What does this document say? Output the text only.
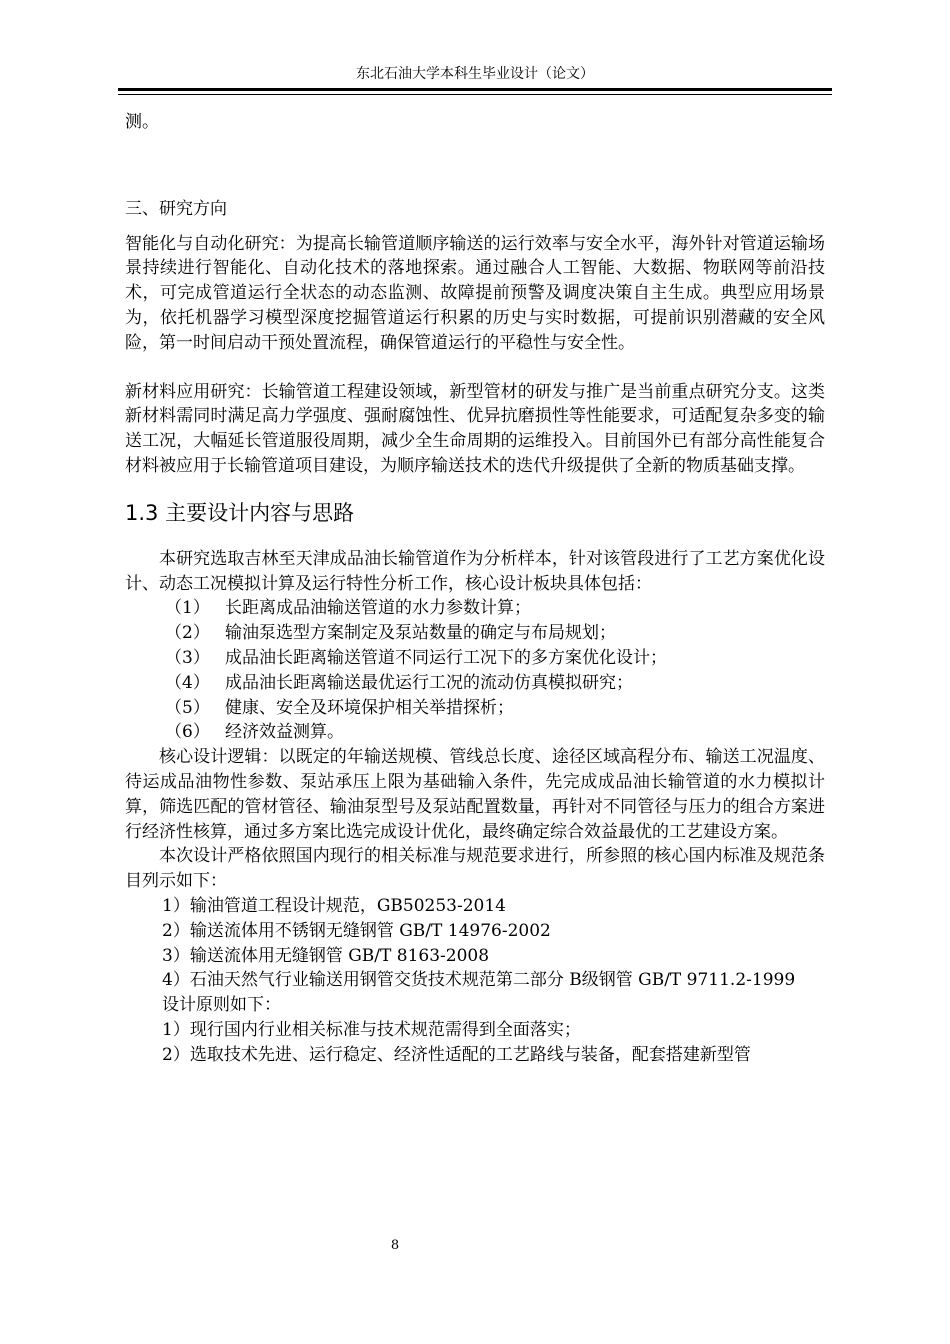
东北石油大学本科生毕业设计（论文）

测。

三、研究方向

智能化与自动化研究：为提高长输管道顺序输送的运行效率与安全水平，海外针对管道运输场景持续进行智能化、自动化技术的落地探索。通过融合人工智能、大数据、物联网等前沿技术，可完成管道运行全状态的动态监测、故障提前预警及调度决策自主生成。典型应用场景为，依托机器学习模型深度挖掘管道运行积累的历史与实时数据，可提前识别潜藏的安全风险，第一时间启动干预处置流程，确保管道运行的平稳性与安全性。

新材料应用研究：长输管道工程建设领域，新型管材的研发与推广是当前重点研究分支。这类新材料需同时满足高力学强度、强耐腐蚀性、优异抗磨损性等性能要求，可适配复杂多变的输送工况，大幅延长管道服役周期，减少全生命周期的运维投入。目前国外已有部分高性能复合材料被应用于长输管道项目建设，为顺序输送技术的迭代升级提供了全新的物质基础支撑。

1.3 主要设计内容与思路

本研究选取吉林至天津成品油长输管道作为分析样本，针对该管段进行了工艺方案优化设计、动态工况模拟计算及运行特性分析工作，核心设计板块具体包括：

（1） 长距离成品油输送管道的水力参数计算；
（2） 输油泵选型方案制定及泵站数量的确定与布局规划；
（3） 成品油长距离输送管道不同运行工况下的多方案优化设计；
（4） 成品油长距离输送最优运行工况的流动仿真模拟研究；
（5） 健康、安全及环境保护相关举措探析；
（6） 经济效益测算。

核心设计逻辑：以既定的年输送规模、管线总长度、途径区域高程分布、输送工况温度、待运成品油物性参数、泵站承压上限为基础输入条件，先完成成品油长输管道的水力模拟计算，筛选匹配的管材管径、输油泵型号及泵站配置数量，再针对不同管径与压力的组合方案进行经济性核算，通过多方案比选完成设计优化，最终确定综合效益最优的工艺建设方案。

本次设计严格依照国内现行的相关标准与规范要求进行，所参照的核心国内标准及规范条目列示如下：

1）输油管道工程设计规范，GB50253-2014

2）输送流体用不锈钢无缝钢管 GB/T 14976-2002

3）输送流体用无缝钢管 GB/T 8163-2008

4）石油天然气行业输送用钢管交货技术规范第二部分 B级钢管 GB/T 9711.2-1999

设计原则如下：

1）现行国内行业相关标准与技术规范需得到全面落实；

2）选取技术先进、运行稳定、经济性适配的工艺路线与装备，配套搭建新型管

8
